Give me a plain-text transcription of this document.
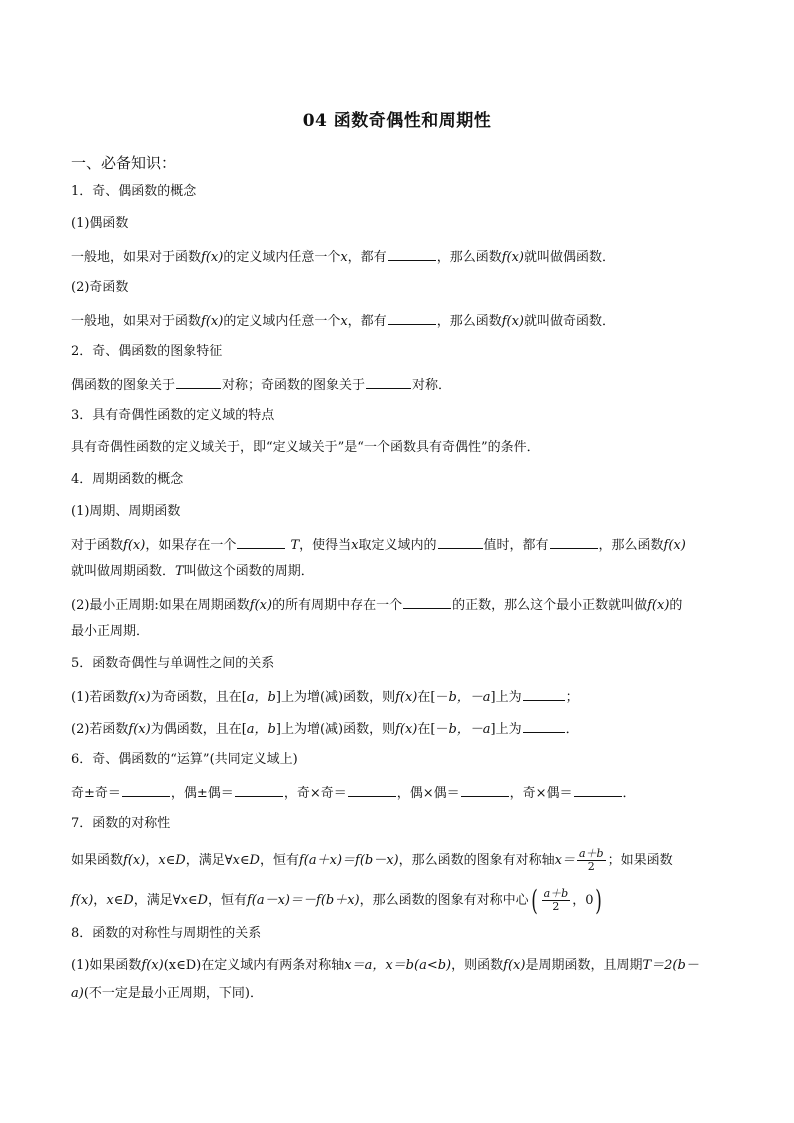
04 函数奇偶性和周期性
一、必备知识：
1．奇、偶函数的概念
(1)偶函数
一般地，如果对于函数f(x)的定义域内任意一个x，都有	，那么函数f(x)就叫做偶函数．
(2)奇函数
一般地，如果对于函数f(x)的定义域内任意一个x，都有	，那么函数f(x)就叫做奇函数．
2．奇、偶函数的图象特征
偶函数的图象关于	对称；奇函数的图象关于	对称．
3．具有奇偶性函数的定义域的特点
具有奇偶性函数的定义域关于，即“定义域关于”是“一个函数具有奇偶性”的条件．
4．周期函数的概念
(1)周期、周期函数
对于函数f(x)，如果存在一个	T，使得当x取定义域内的	值时，都有	，那么函数f(x)
就叫做周期函数．T叫做这个函数的周期．
(2)最小正周期:如果在周期函数f(x)的所有周期中存在一个	的正数，那么这个最小正数就叫做f(x)的
最小正周期．
5．函数奇偶性与单调性之间的关系
(1)若函数f(x)为奇函数，且在[a，b]上为增(减)函数，则f(x)在[－b，－a]上为	；
(2)若函数f(x)为偶函数，且在[a，b]上为增(减)函数，则f(x)在[－b，－a]上为	．
6．奇、偶函数的“运算”(共同定义域上)
奇±奇＝	，偶±偶＝	，奇×奇＝	，偶×偶＝	，奇×偶＝	．
7．函数的对称性
如果函数f(x)，x∈D，满足∀x∈D，恒有f(a＋x)＝f(b－x)，那么函数的图象有对称轴$x= \frac{a+b}{2}$ ；如果函数
f(x)，x∈D，满足∀x∈D，恒有f(a－x)＝－f(b＋x)，那么函数的图象有对称中心( $\frac{a+b}{2}$ ，0)
8．函数的对称性与周期性的关系
(1)如果函数f(x)(x∈D)在定义域内有两条对称轴x＝a，x＝b(a<b)，则函数f(x)是周期函数，且周期T＝2(b－
a)(不一定是最小正周期，下同)．
